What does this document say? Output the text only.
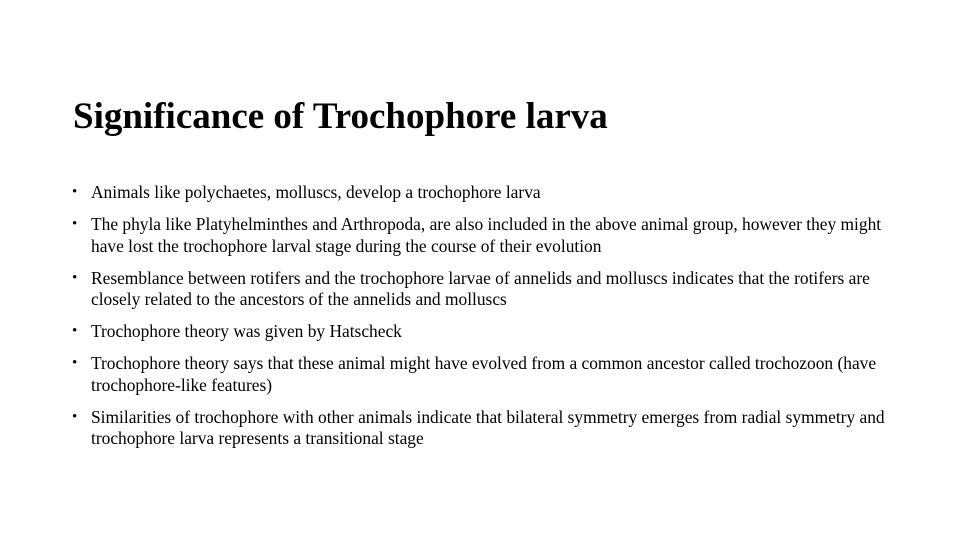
Significance of Trochophore larva
• Animals like polychaetes, molluscs, develop a trochophore larva
• The phyla like Platyhelminthes and Arthropoda, are also included in the above animal group, however they might have lost the trochophore larval stage during the course of their evolution
• Resemblance between rotifers and the trochophore larvae of annelids and molluscs indicates that the rotifers are closely related to the ancestors of the annelids and molluscs
• Trochophore theory was given by Hatscheck
• Trochophore theory says that these animal might have evolved from a common ancestor called trochozoon (have trochophore-like features)
• Similarities of trochophore with other animals indicate that bilateral symmetry emerges from radial symmetry and trochophore larva represents a transitional stage
